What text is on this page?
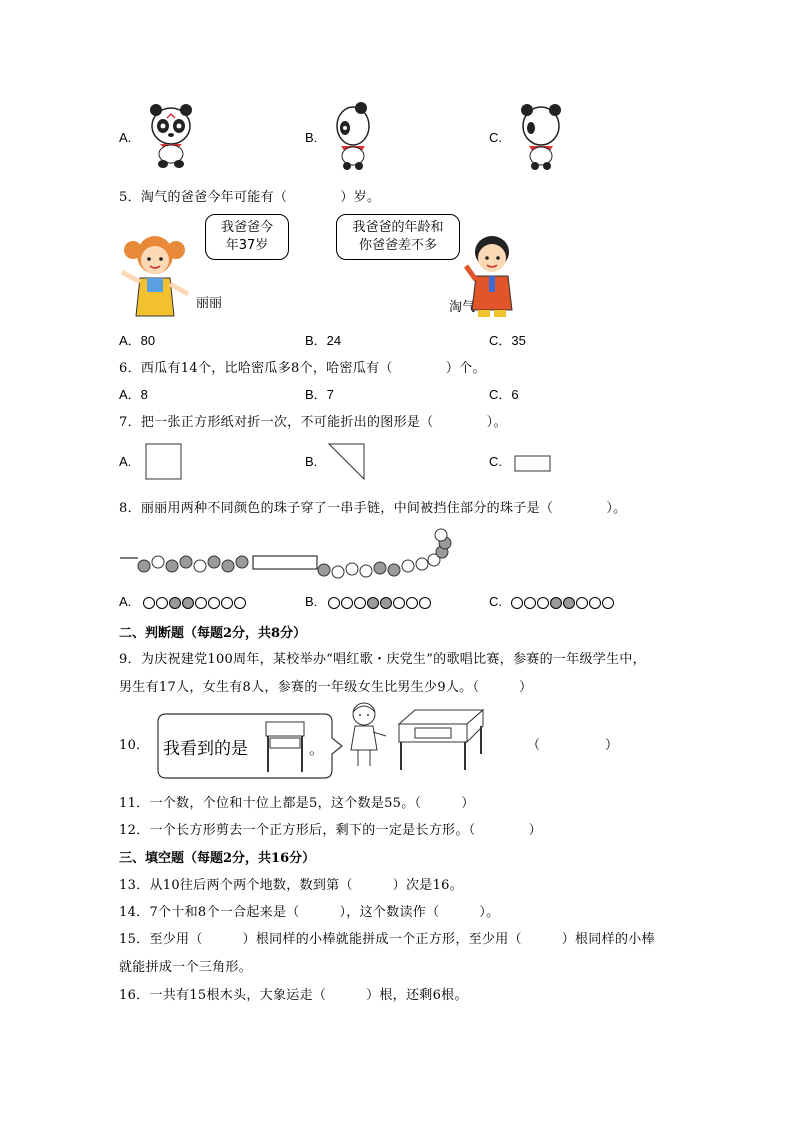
A.	B.	C.
5．淘气的爸爸今年可能有（　　　　）岁。
我爸爸今
年37岁
丽丽
我爸爸的年龄和
你爸爸差不多
淘气
A．80	B．24	C．35
6．西瓜有14个，比哈密瓜多8个，哈密瓜有（　　　　）个。
A．8	B．7	C．6
7．把一张正方形纸对折一次，不可能折出的图形是（　　　　）。
A.	B.	C.
8．丽丽用两种不同颜色的珠子穿了一串手链，中间被挡住部分的珠子是（　　　　）。
A.	B.	C.
二、判断题（每题2分，共8分）
9．为庆祝建党100周年，某校举办“唱红歌・庆党生”的歌唱比赛，参赛的一年级学生中，
男生有17人，女生有8人，参赛的一年级女生比男生少9人。（　　　）
10． 我看到的是	。	（　　　　　）
11．一个数，个位和十位上都是5，这个数是55。（　　　）
12．一个长方形剪去一个正方形后，剩下的一定是长方形。（　　　　）
三、填空题（每题2分，共16分）
13．从10往后两个两个地数，数到第（　　　）次是16。
14．7个十和8个一合起来是（　　　），这个数读作（　　　）。
15．至少用（　　　）根同样的小棒就能拼成一个正方形，至少用（　　　）根同样的小棒
就能拼成一个三角形。
16．一共有15根木头，大象运走（　　　）根，还剩6根。
